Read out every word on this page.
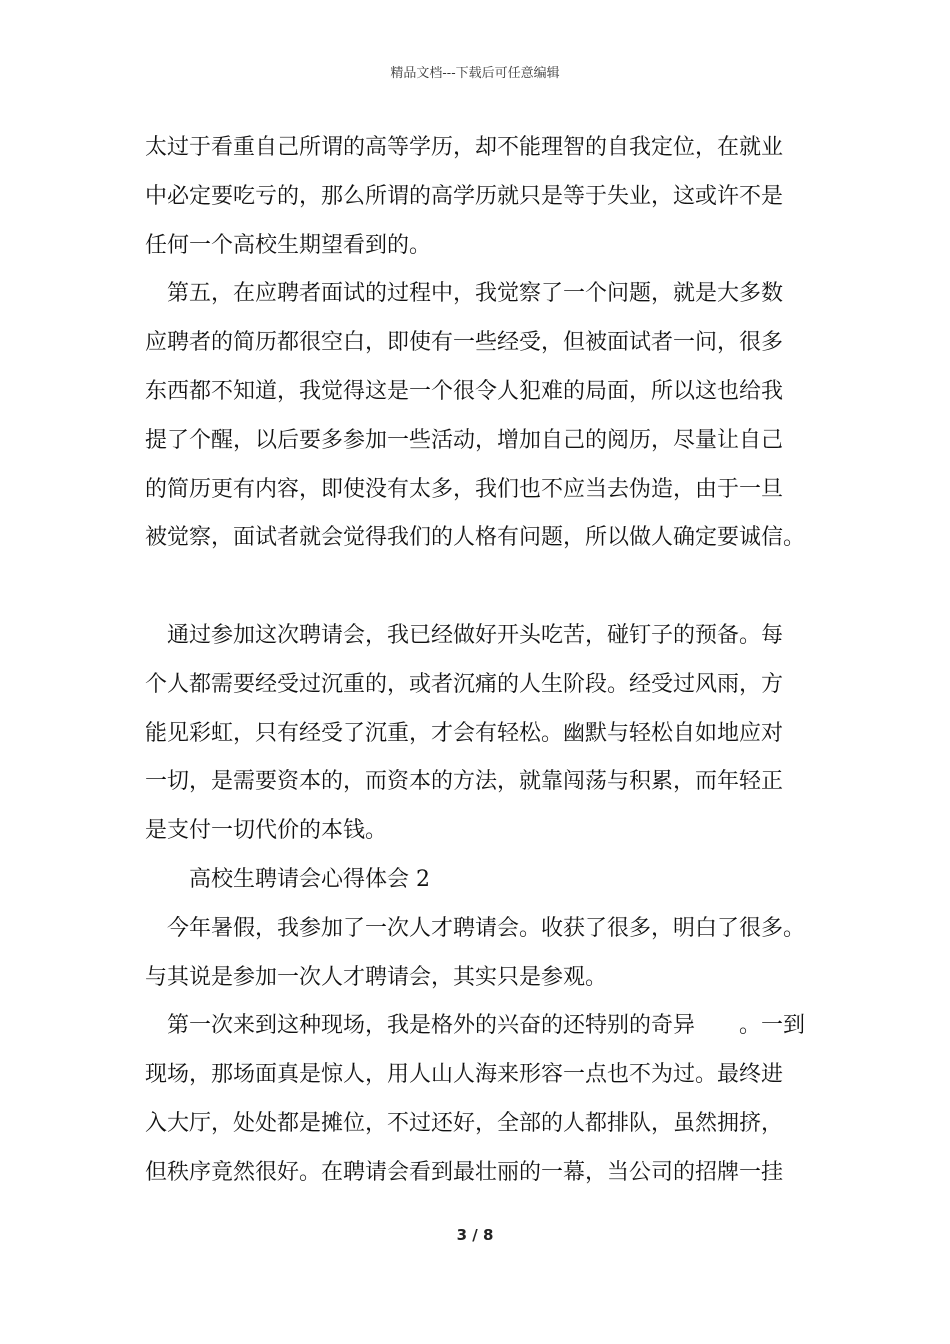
精品文档---下载后可任意编辑
太过于看重自己所谓的高等学历，却不能理智的自我定位，在就业
中必定要吃亏的，那么所谓的高学历就只是等于失业，这或许不是
任何一个高校生期望看到的。
第五，在应聘者面试的过程中，我觉察了一个问题，就是大多数
应聘者的简历都很空白，即使有一些经受，但被面试者一问，很多
东西都不知道，我觉得这是一个很令人犯难的局面，所以这也给我
提了个醒，以后要多参加一些活动，增加自己的阅历，尽量让自己
的简历更有内容，即使没有太多，我们也不应当去伪造，由于一旦
被觉察，面试者就会觉得我们的人格有问题，所以做人确定要诚信。
通过参加这次聘请会，我已经做好开头吃苦，碰钉子的预备。每
个人都需要经受过沉重的，或者沉痛的人生阶段。经受过风雨，方
能见彩虹，只有经受了沉重，才会有轻松。幽默与轻松自如地应对
一切，是需要资本的，而资本的方法，就靠闯荡与积累，而年轻正
是支付一切代价的本钱。
高校生聘请会心得体会 2
今年暑假，我参加了一次人才聘请会。收获了很多，明白了很多。
与其说是参加一次人才聘请会，其实只是参观。
第一次来到这种现场，我是格外的兴奋的还特别的奇异　　。一到
现场，那场面真是惊人，用人山人海来形容一点也不为过。最终进
入大厅，处处都是摊位，不过还好，全部的人都排队，虽然拥挤，
但秩序竟然很好。在聘请会看到最壮丽的一幕，当公司的招牌一挂
3 / 8
